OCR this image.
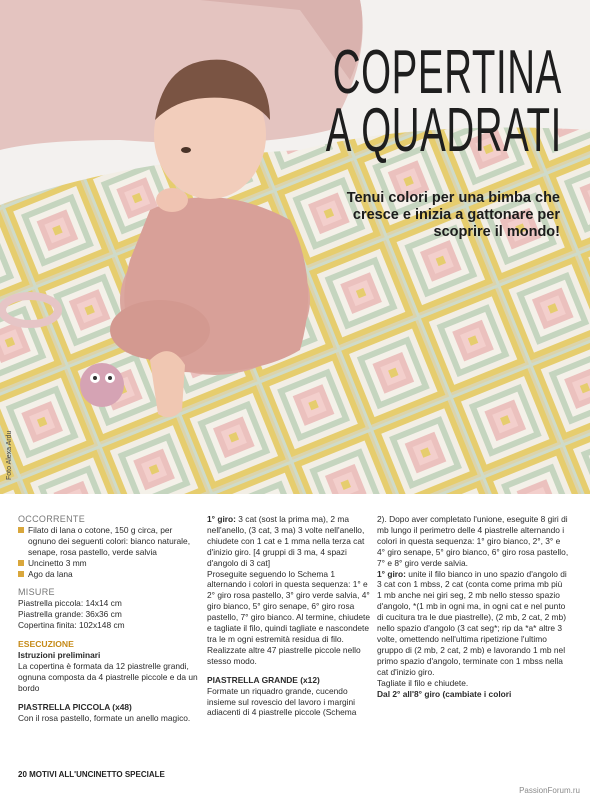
COPERTINA
A QUADRATI
Tenui colori per una bimba che cresce e inizia a gattonare per scoprire il mondo!
Foto Alexa Ardu
OCCORRENTE
Filato di lana o cotone, 150 g circa, per ognuno dei seguenti colori: bianco naturale, senape, rosa pastello, verde salvia
Uncinetto 3 mm
Ago da lana
MISURE
Piastrella piccola: 14x14 cm
Piastrella grande: 36x36 cm
Copertina finita: 102x148 cm
ESECUZIONE
Istruzioni preliminari
La copertina è formata da 12 piastrelle grandi, ognuna composta da 4 piastrelle piccole e da un bordo
PIASTRELLA PICCOLA (x48)
Con il rosa pastello, formate un anello magico.
1° giro: 3 cat (sost la prima ma), 2 ma nell'anello, (3 cat, 3 ma) 3 volte nell'anello, chiudete con 1 cat e 1 mma nella terza cat d'inizio giro. [4 gruppi di 3 ma, 4 spazi d'angolo di 3 cat]
Proseguite seguendo lo Schema 1 alternando i colori in questa sequenza: 1° e 2° giro rosa pastello, 3° giro verde salvia, 4° giro bianco, 5° giro senape, 6° giro rosa pastello, 7° giro bianco. Al termine, chiudete e tagliate il filo, quindi tagliate e nascondete tra le m ogni estremità residua di filo.
Realizzate altre 47 piastrelle piccole nello stesso modo.
PIASTRELLA GRANDE (x12)
Formate un riquadro grande, cucendo insieme sul rovescio del lavoro i margini adiacenti di 4 piastrelle piccole (Schema
2). Dopo aver completato l'unione, eseguite 8 giri di mb lungo il perimetro delle 4 piastrelle alternando i colori in questa sequenza: 1° giro bianco, 2°, 3° e 4° giro senape, 5° giro bianco, 6° giro rosa pastello, 7° e 8° giro verde salvia.
1° giro: unite il filo bianco in uno spazio d'angolo di 3 cat con 1 mbss, 2 cat (conta come prima mb più 1 mb anche nei giri seg, 2 mb nello stesso spazio d'angolo, *(1 mb in ogni ma, in ogni cat e nel punto di cucitura tra le due piastrelle), (2 mb, 2 cat, 2 mb) nello spazio d'angolo (3 cat seg*; rip da *a* altre 3 volte, omettendo nell'ultima ripetizione l'ultimo gruppo di (2 mb, 2 cat, 2 mb) e lavorando 1 mb nel primo spazio d'angolo, terminate con 1 mbss nella cat d'inizio giro.
Tagliate il filo e chiudete.
Dal 2° all'8° giro (cambiate i colori
20 MOTIVI ALL'UNCINETTO SPECIALE
PassionForum.ru
